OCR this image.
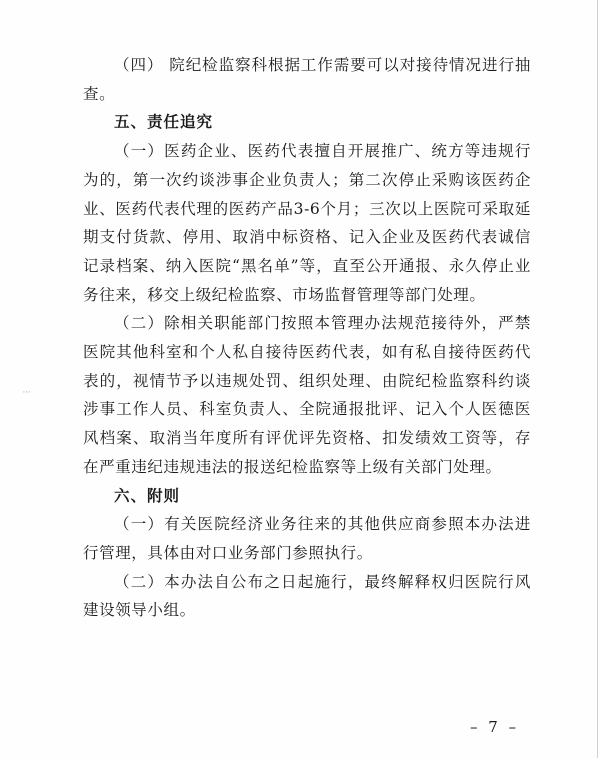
（四） 院纪检监察科根据工作需要可以对接待情况进行抽查。

五、责任追究

（一）医药企业、医药代表擅自开展推广、统方等违规行为的，第一次约谈涉事企业负责人；第二次停止采购该医药企业、医药代表代理的医药产品3-6个月；三次以上医院可采取延期支付货款、停用、取消中标资格、记入企业及医药代表诚信记录档案、纳入医院“黑名单”等，直至公开通报、永久停止业务往来，移交上级纪检监察、市场监督管理等部门处理。

（二）除相关职能部门按照本管理办法规范接待外，严禁医院其他科室和个人私自接待医药代表，如有私自接待医药代表的，视情节予以违规处罚、组织处理、由院纪检监察科约谈涉事工作人员、科室负责人、全院通报批评、记入个人医德医风档案、取消当年度所有评优评先资格、扣发绩效工资等，存在严重违纪违规违法的报送纪检监察等上级有关部门处理。

六、附则

（一）有关医院经济业务往来的其他供应商参照本办法进行管理，具体由对口业务部门参照执行。

（二）本办法自公布之日起施行，最终解释权归医院行风建设领导小组。

⋮
– 7 –
